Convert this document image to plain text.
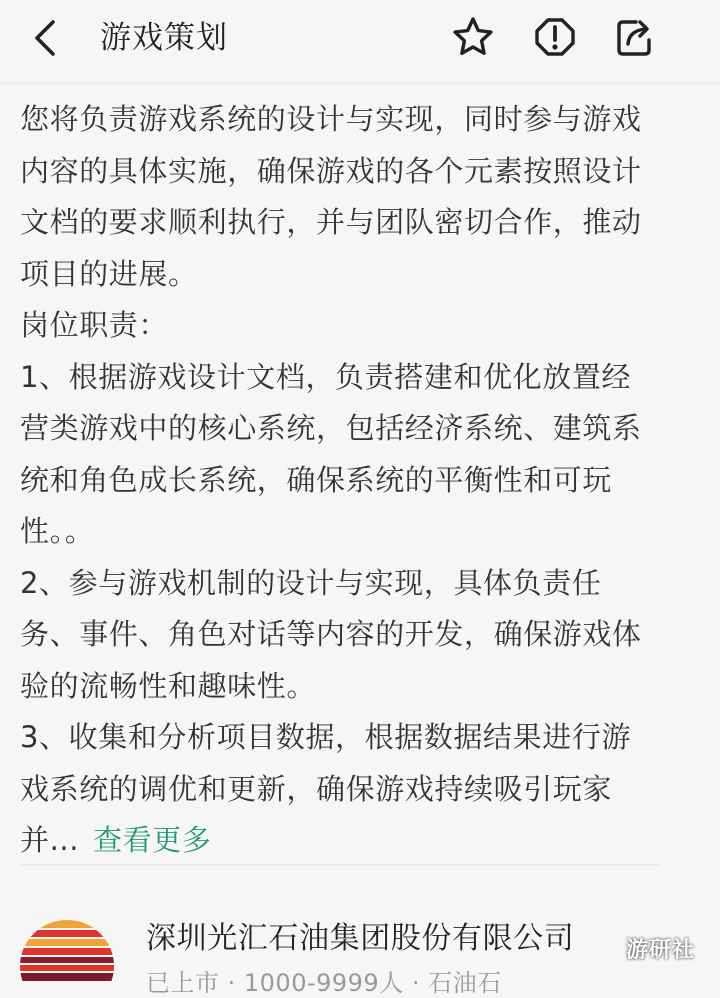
游戏策划

您将负责游戏系统的设计与实现，同时参与游戏内容的具体实施，确保游戏的各个元素按照设计文档的要求顺利执行，并与团队密切合作，推动项目的进展。

岗位职责：

1、根据游戏设计文档，负责搭建和优化放置经营类游戏中的核心系统，包括经济系统、建筑系统和角色成长系统，确保系统的平衡性和可玩性。。

2、参与游戏机制的设计与实现，具体负责任务、事件、角色对话等内容的开发，确保游戏体验的流畅性和趣味性。

3、收集和分析项目数据，根据数据结果进行游戏系统的调优和更新，确保游戏持续吸引玩家并... 查看更多

深圳光汇石油集团股份有限公司
已上市 · 1000-9999人 · 石油石
游研社
